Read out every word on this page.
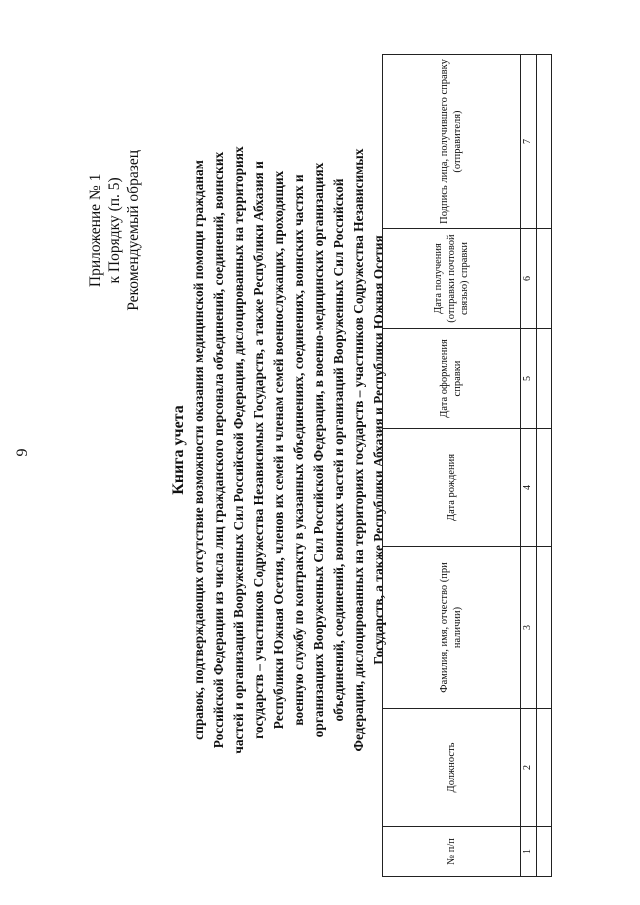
9
Приложение № 1 к Порядку (п. 5) Рекомендуемый образец
Книга учета справок, подтверждающих отсутствие возможности оказания медицинской помощи гражданам Российской Федерации из числа лиц гражданского персонала объединений, соединений, воинских частей и организаций Вооруженных Сил Российской Федерации, дислоцированных на территориях государств – участников Содружества Независимых Государств, а также Республики Абхазия и Республики Южная Осетия, членов их семей и членам семей военнослужащих, проходящих военную службу по контракту в указанных объединениях, соединениях, воинских частях и организациях Вооруженных Сил Российской Федерации, в военно-медицинских организациях объединений, соединений, воинских частей и организаций Вооруженных Сил Российской Федерации, дислоцированных на территориях государств – участников Содружества Независимых Государств, а также Республики Абхазия и Республики Южная Осетия
№ п/п	Должность	Фамилия, имя, отчество (при наличии)	Дата рождения	Дата оформления справки	Дата получения (отправки почтовой связью) справки	Подпись лица, получившего справку (отправителя)
1	2	3	4	5	6	7
